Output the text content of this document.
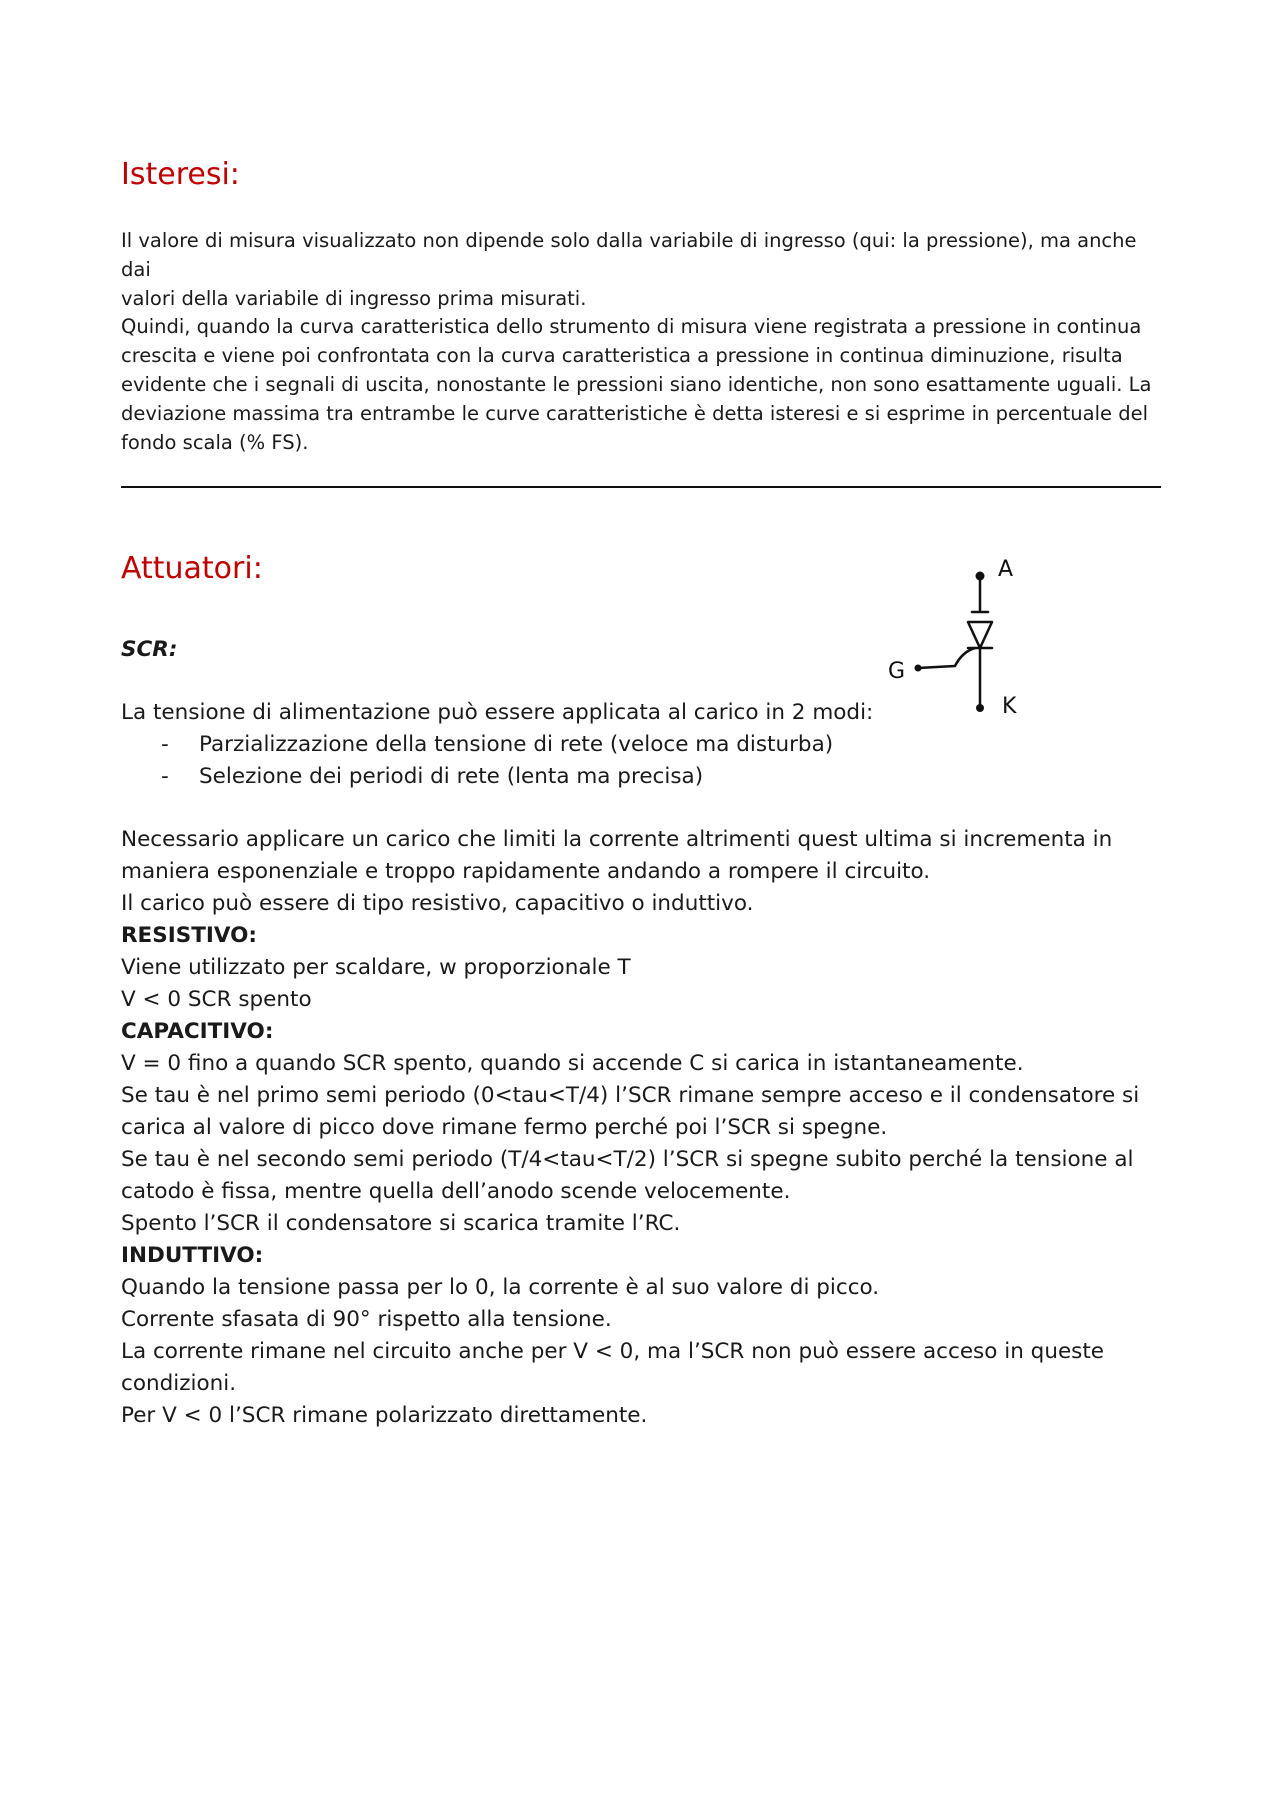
Isteresi:
Il valore di misura visualizzato non dipende solo dalla variabile di ingresso (qui: la pressione), ma anche dai
valori della variabile di ingresso prima misurati.
Quindi, quando la curva caratteristica dello strumento di misura viene registrata a pressione in continua
crescita e viene poi confrontata con la curva caratteristica a pressione in continua diminuzione, risulta
evidente che i segnali di uscita, nonostante le pressioni siano identiche, non sono esattamente uguali. La
deviazione massima tra entrambe le curve caratteristiche è detta isteresi e si esprime in percentuale del
fondo scala (% FS).
Attuatori:
SCR:
La tensione di alimentazione può essere applicata al carico in 2 modi:
- Parzializzazione della tensione di rete (veloce ma disturba)
- Selezione dei periodi di rete (lenta ma precisa)
Necessario applicare un carico che limiti la corrente altrimenti quest ultima si incrementa in
maniera esponenziale e troppo rapidamente andando a rompere il circuito.
Il carico può essere di tipo resistivo, capacitivo o induttivo.
RESISTIVO:
Viene utilizzato per scaldare, w proporzionale T
V < 0 SCR spento
CAPACITIVO:
V = 0 fino a quando SCR spento, quando si accende C si carica in istantaneamente.
Se tau è nel primo semi periodo (0<tau<T/4) l’SCR rimane sempre acceso e il condensatore si
carica al valore di picco dove rimane fermo perché poi l’SCR si spegne.
Se tau è nel secondo semi periodo (T/4<tau<T/2) l’SCR si spegne subito perché la tensione al
catodo è fissa, mentre quella dell’anodo scende velocemente.
Spento l’SCR il condensatore si scarica tramite l’RC.
INDUTTIVO:
Quando la tensione passa per lo 0, la corrente è al suo valore di picco.
Corrente sfasata di 90° rispetto alla tensione.
La corrente rimane nel circuito anche per V < 0, ma l’SCR non può essere acceso in queste
condizioni.
Per V < 0 l’SCR rimane polarizzato direttamente.
A
G
K
